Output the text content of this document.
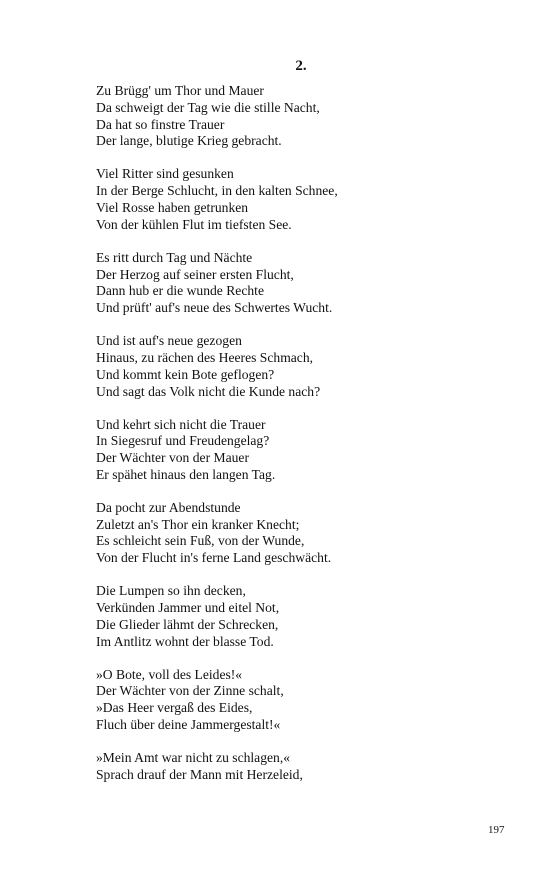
2.

Zu Brügg' um Thor und Mauer
Da schweigt der Tag wie die stille Nacht,
Da hat so finstre Trauer
Der lange, blutige Krieg gebracht.

Viel Ritter sind gesunken
In der Berge Schlucht, in den kalten Schnee,
Viel Rosse haben getrunken
Von der kühlen Flut im tiefsten See.

Es ritt durch Tag und Nächte
Der Herzog auf seiner ersten Flucht,
Dann hub er die wunde Rechte
Und prüft' auf's neue des Schwertes Wucht.

Und ist auf's neue gezogen
Hinaus, zu rächen des Heeres Schmach,
Und kommt kein Bote geflogen?
Und sagt das Volk nicht die Kunde nach?

Und kehrt sich nicht die Trauer
In Siegesruf und Freudengelag?
Der Wächter von der Mauer
Er spähet hinaus den langen Tag.

Da pocht zur Abendstunde
Zuletzt an's Thor ein kranker Knecht;
Es schleicht sein Fuß, von der Wunde,
Von der Flucht in's ferne Land geschwächt.

Die Lumpen so ihn decken,
Verkünden Jammer und eitel Not,
Die Glieder lähmt der Schrecken,
Im Antlitz wohnt der blasse Tod.

»O Bote, voll des Leides!«
Der Wächter von der Zinne schalt,
»Das Heer vergaß des Eides,
Fluch über deine Jammergestalt!«

»Mein Amt war nicht zu schlagen,«
Sprach drauf der Mann mit Herzeleid,

197
